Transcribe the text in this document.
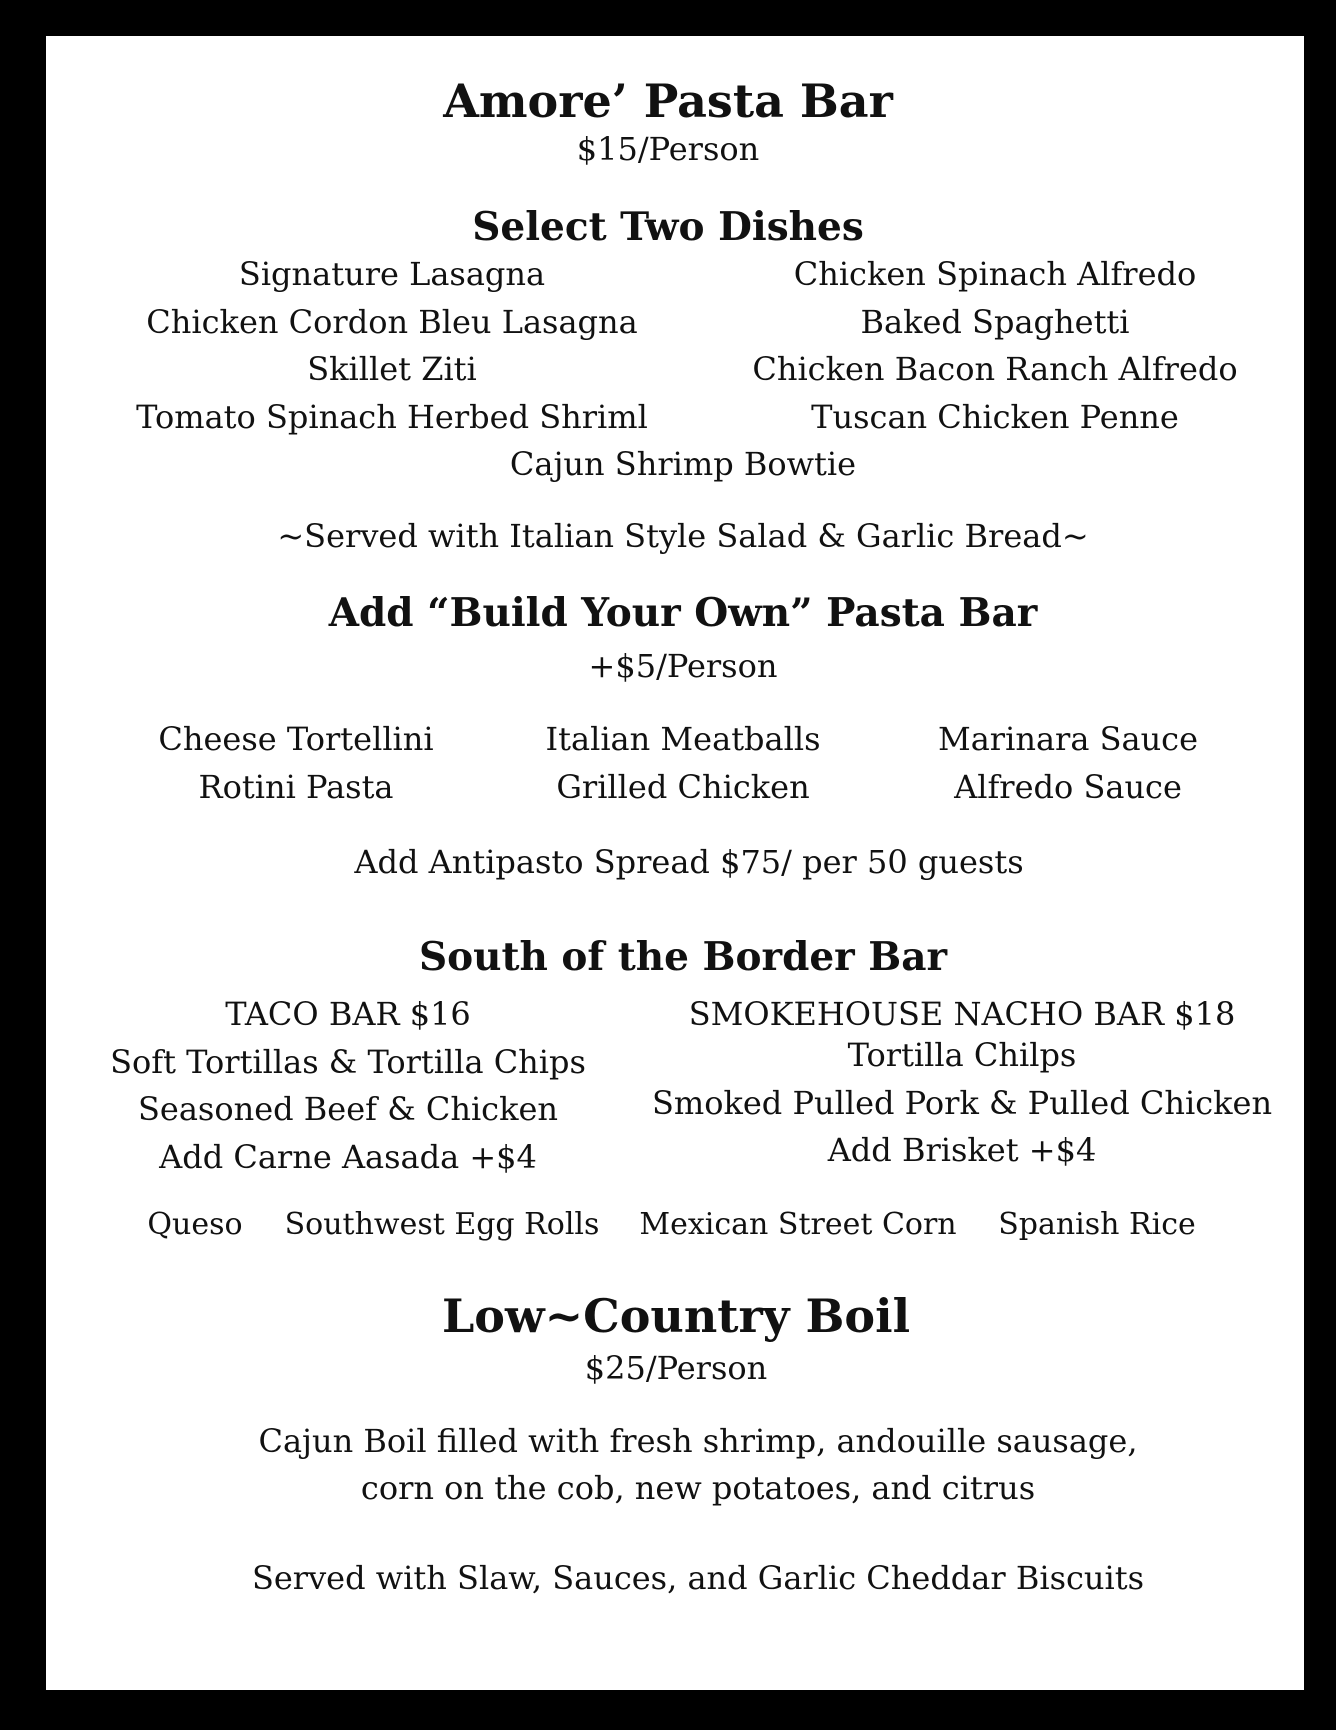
Amore’ Pasta Bar
$15/Person
Select Two Dishes
Signature Lasagna
Chicken Cordon Bleu Lasagna
Skillet Ziti
Tomato Spinach Herbed Shriml
Chicken Spinach Alfredo
Baked Spaghetti
Chicken Bacon Ranch Alfredo
Tuscan Chicken Penne
Cajun Shrimp Bowtie
~Served with Italian Style Salad & Garlic Bread~
Add “Build Your Own” Pasta Bar
+$5/Person
Cheese Tortellini
Rotini Pasta
Italian Meatballs
Grilled Chicken
Marinara Sauce
Alfredo Sauce
Add Antipasto Spread $75/ per 50 guests
South of the Border Bar
TACO BAR $16
Soft Tortillas & Tortilla Chips
Seasoned Beef & Chicken
Add Carne Aasada +$4
SMOKEHOUSE NACHO BAR $18
Tortilla Chilps
Smoked Pulled Pork & Pulled Chicken
Add Brisket +$4
Queso Southwest Egg Rolls Mexican Street Corn Spanish Rice
Low~Country Boil
$25/Person
Cajun Boil filled with fresh shrimp, andouille sausage,
corn on the cob, new potatoes, and citrus
Served with Slaw, Sauces, and Garlic Cheddar Biscuits
